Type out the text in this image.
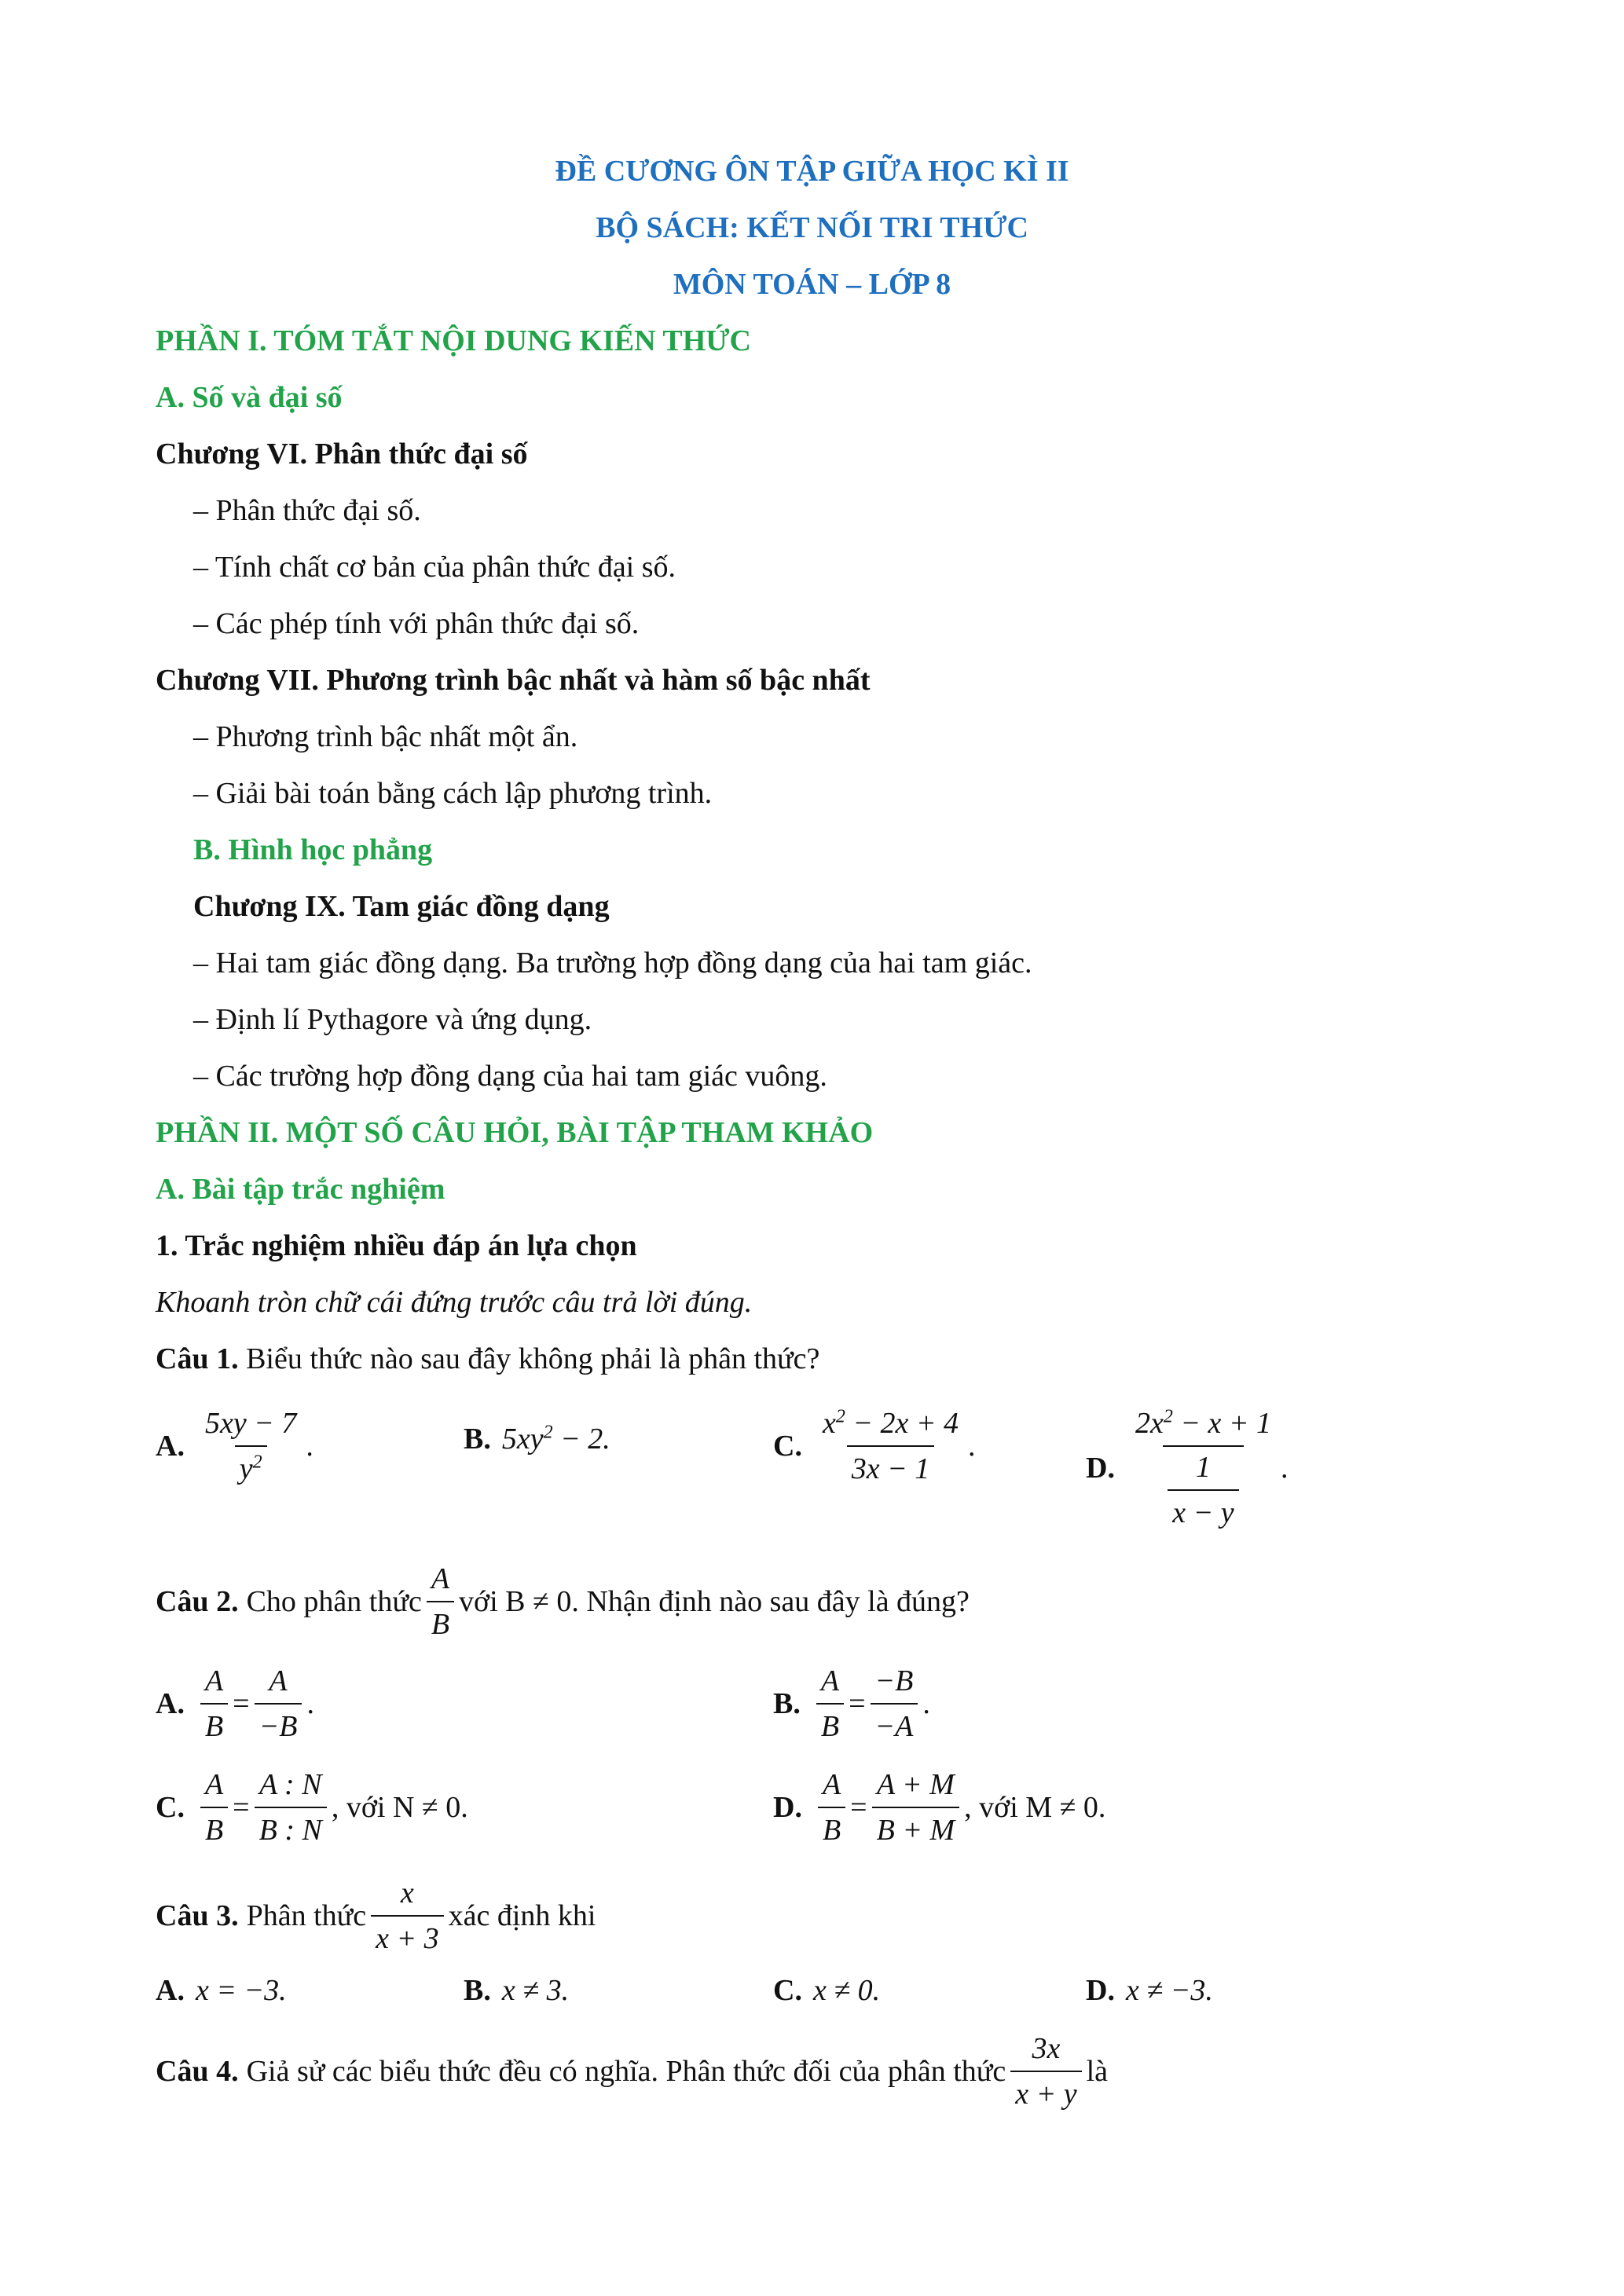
ĐỀ CƯƠNG ÔN TẬP GIỮA HỌC KÌ II
BỘ SÁCH: KẾT NỐI TRI THỨC
MÔN TOÁN – LỚP 8
PHẦN I. TÓM TẮT NỘI DUNG KIẾN THỨC
A. Số và đại số
Chương VI. Phân thức đại số
– Phân thức đại số.
– Tính chất cơ bản của phân thức đại số.
– Các phép tính với phân thức đại số.
Chương VII. Phương trình bậc nhất và hàm số bậc nhất
– Phương trình bậc nhất một ẩn.
– Giải bài toán bằng cách lập phương trình.
B. Hình học phẳng
Chương IX. Tam giác đồng dạng
– Hai tam giác đồng dạng. Ba trường hợp đồng dạng của hai tam giác.
– Định lí Pythagore và ứng dụng.
– Các trường hợp đồng dạng của hai tam giác vuông.
PHẦN II. MỘT SỐ CÂU HỎI, BÀI TẬP THAM KHẢO
A. Bài tập trắc nghiệm
1. Trắc nghiệm nhiều đáp án lựa chọn
Khoanh tròn chữ cái đứng trước câu trả lời đúng.
Câu 1. Biểu thức nào sau đây không phải là phân thức?
A. $\frac{5xy - 7}{y^2}$ .	B. $5xy^2 - 2$.	C. $\frac{x^2 - 2x + 4}{3x - 1}$ .
D. $\frac{2x^2 - x + 1}{\frac{1}{x - y}}$ .
Câu 2. Cho phân thức $\frac{A}{B}$ với B ≠ 0. Nhận định nào sau đây là đúng?
A. $\frac{A}{B} = \frac{A}{-B}$ .	B. $\frac{A}{B} = \frac{-B}{-A}$ .
C. $\frac{A}{B} = \frac{A : N}{B : N}$ , với N ≠ 0.	D. $\frac{A}{B} = \frac{A + M}{B + M}$ , với M ≠ 0.
Câu 3. Phân thức $\frac{x}{x + 3}$ xác định khi
A. x = −3.	B. x ≠ 3.	C. x ≠ 0.	D. x ≠ −3.
Câu 4. Giả sử các biểu thức đều có nghĩa. Phân thức đối của phân thức $\frac{3x}{x + y}$ là
